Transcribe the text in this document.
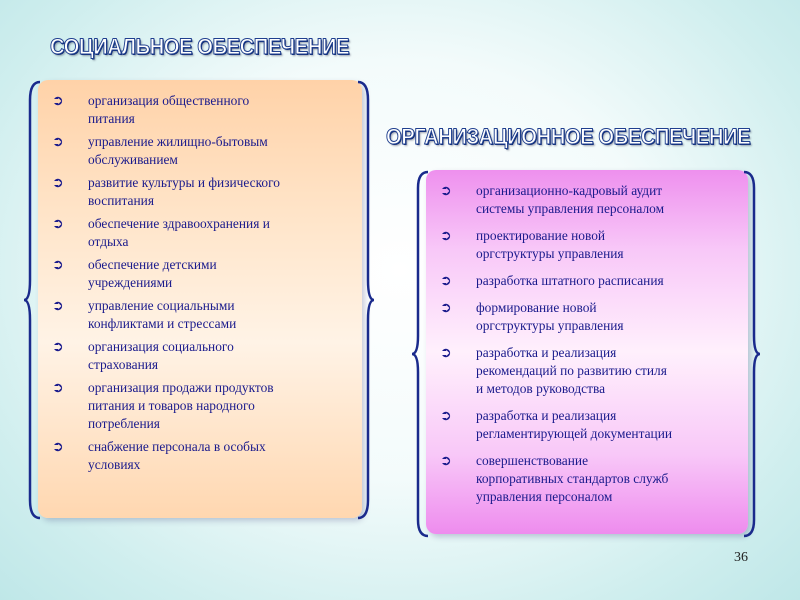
СОЦИАЛЬНОЕ ОБЕСПЕЧЕНИЕ
ОРГАНИЗАЦИОННОЕ ОБЕСПЕЧЕНИЕ
➲ организация общественного
питания
➲ управление жилищно-бытовым
обслуживанием
➲ развитие культуры и физического
воспитания
➲ обеспечение здравоохранения и
отдыха
➲ обеспечение детскими
учреждениями
➲ управление социальными
конфликтами и стрессами
➲ организация социального
страхования
➲ организация продажи продуктов
питания и товаров народного
потребления
➲ снабжение персонала в особых
условиях
➲ организационно-кадровый аудит
системы управления персоналом
➲ проектирование новой
оргструктуры управления
➲ разработка штатного расписания
➲ формирование новой
оргструктуры управления
➲ разработка и реализация
рекомендаций по развитию стиля
и методов руководства
➲ разработка и реализация
регламентирующей документации
➲ совершенствование
корпоративных стандартов служб
управления персоналом
36
